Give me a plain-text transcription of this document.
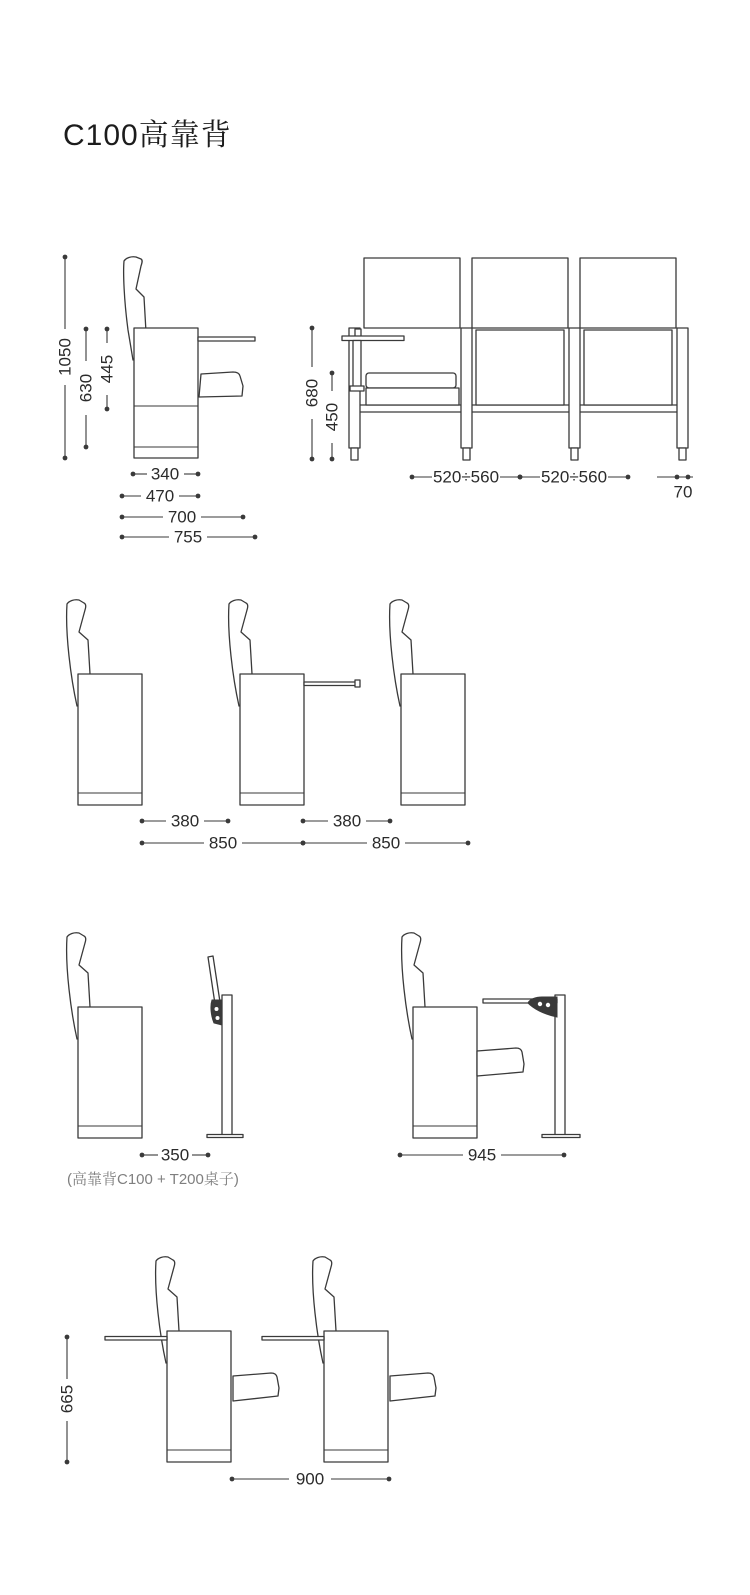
C100高靠背
1050
630
445
340
470
700
755
680
450
520÷560 520÷560
70
380	380
850	850
350
(高靠背C100 + T200桌子)
945
665
900
